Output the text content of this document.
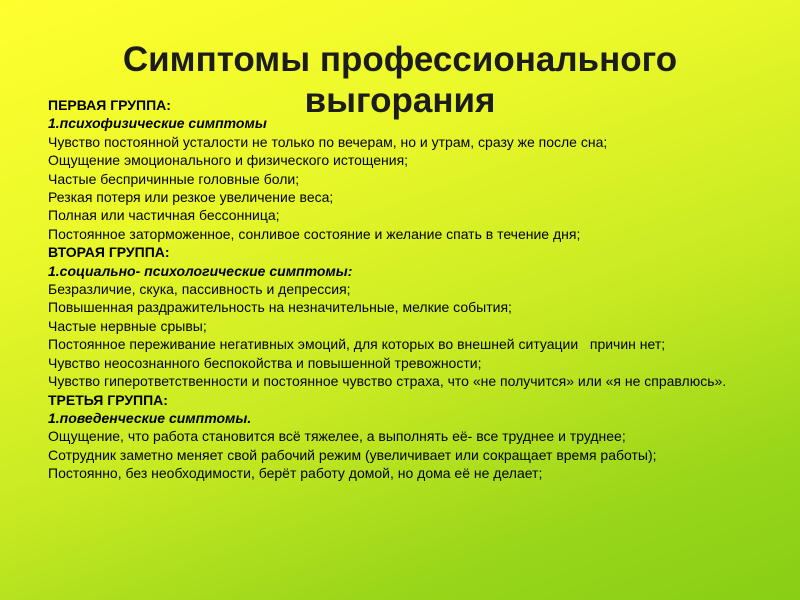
Симптомы профессионального
выгорания
ПЕРВАЯ ГРУППА:
1.психофизические симптомы
Чувство постоянной усталости не только по вечерам, но и утрам, сразу же после сна;
Ощущение эмоционального и физического истощения;
Частые беспричинные головные боли;
Резкая потеря или резкое увеличение веса;
Полная или частичная бессонница;
Постоянное заторможенное, сонливое состояние и желание спать в течение дня;
ВТОРАЯ ГРУППА:
1.социально- психологические симптомы:
Безразличие, скука, пассивность и депрессия;
Повышенная раздражительность на незначительные, мелкие события;
Частые нервные срывы;
Постоянное переживание негативных эмоций, для которых во внешней ситуации   причин нет;
Чувство неосознанного беспокойства и повышенной тревожности;
Чувство гиперответственности и постоянное чувство страха, что «не получится» или «я не справлюсь».
ТРЕТЬЯ ГРУППА:
1.поведенческие симптомы.
Ощущение, что работа становится всё тяжелее, а выполнять её- все труднее и труднее;
Сотрудник заметно меняет свой рабочий режим (увеличивает или сокращает время работы);
Постоянно, без необходимости, берёт работу домой, но дома её не делает;
